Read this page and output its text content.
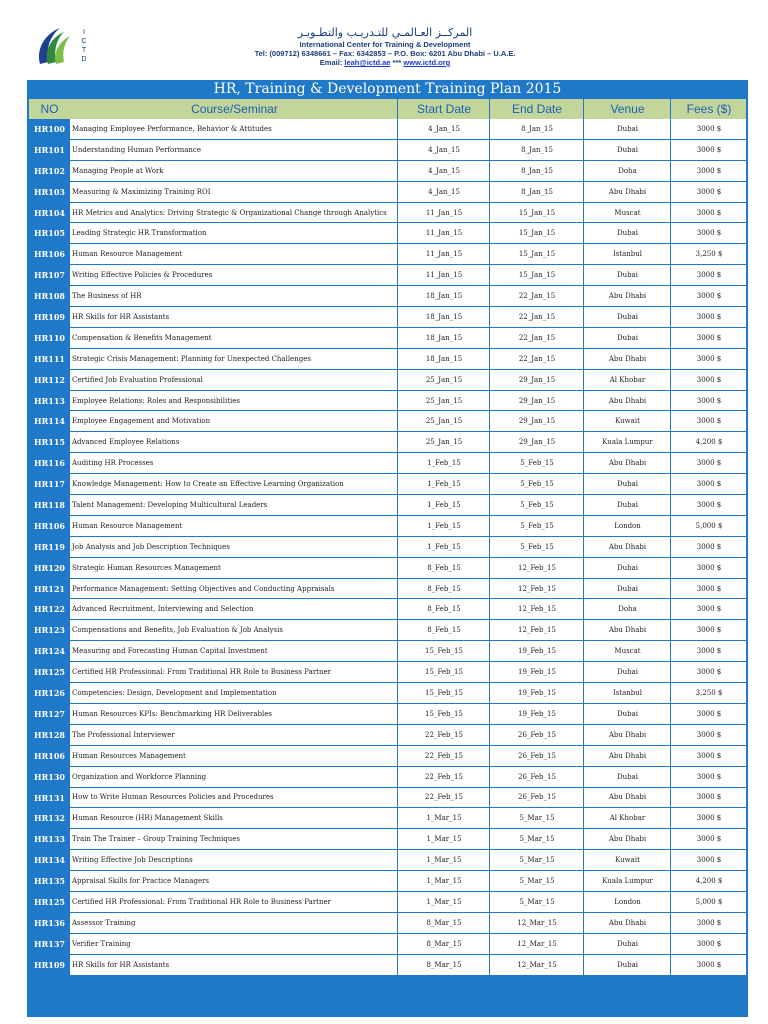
I
C
T
D
المركــز العـالمـي للتـدريـب والتطـويـر
International Center for Training & Development
Tel: (009712) 6348661 – Fax: 6342853 – P.O. Box: 6201 Abu Dhabi – U.A.E.
Email: leah@ictd.ae *** www.ictd.org
HR, Training & Development Training Plan 2015
NO	Course/Seminar	Start Date	End Date	Venue	Fees ($)
HR100	Managing Employee Performance, Behavior & Attitudes	4_Jan_15	8_Jan_15	Dubai	3000 $
HR101	Understanding Human Performance	4_Jan_15	8_Jan_15	Dubai	3000 $
HR102	Managing People at Work	4_Jan_15	8_Jan_15	Doha	3000 $
HR103	Measuring & Maximizing Training ROI	4_Jan_15	8_Jan_15	Abu Dhabi	3000 $
HR104	HR Metrics and Analytics: Driving Strategic & Organizational Change through Analytics	11_Jan_15	15_Jan_15	Muscat	3000 $
HR105	Leading Strategic HR Transformation	11_Jan_15	15_Jan_15	Dubai	3000 $
HR106	Human Resource Management	11_Jan_15	15_Jan_15	Istanbul	3,250 $
HR107	Writing Effective Policies & Procedures	11_Jan_15	15_Jan_15	Dubai	3000 $
HR108	The Business of HR	18_Jan_15	22_Jan_15	Abu Dhabi	3000 $
HR109	HR Skills for HR Assistants	18_Jan_15	22_Jan_15	Dubai	3000 $
HR110	Compensation & Benefits Management	18_Jan_15	22_Jan_15	Dubai	3000 $
HR111	Strategic Crisis Management: Planning for Unexpected Challenges	18_Jan_15	22_Jan_15	Abu Dhabi	3000 $
HR112	Certified Job Evaluation Professional	25_Jan_15	29_Jan_15	Al Khobar	3000 $
HR113	Employee Relations: Roles and Responsibilities	25_Jan_15	29_Jan_15	Abu Dhabi	3000 $
HR114	Employee Engagement and Motivation	25_Jan_15	29_Jan_15	Kuwait	3000 $
HR115	Advanced Employee Relations	25_Jan_15	29_Jan_15	Kuala Lumpur	4,200 $
HR116	Auditing HR Processes	1_Feb_15	5_Feb_15	Abu Dhabi	3000 $
HR117	Knowledge Management: How to Create an Effective Learning Organization	1_Feb_15	5_Feb_15	Dubai	3000 $
HR118	Talent Management: Developing Multicultural Leaders	1_Feb_15	5_Feb_15	Dubai	3000 $
HR106	Human Resource Management	1_Feb_15	5_Feb_15	London	5,000 $
HR119	Job Analysis and Job Description Techniques	1_Feb_15	5_Feb_15	Abu Dhabi	3000 $
HR120	Strategic Human Resources Management	8_Feb_15	12_Feb_15	Dubai	3000 $
HR121	Performance Management: Setting Objectives and Conducting Appraisals	8_Feb_15	12_Feb_15	Dubai	3000 $
HR122	Advanced Recruitment, Interviewing and Selection	8_Feb_15	12_Feb_15	Doha	3000 $
HR123	Compensations and Benefits, Job Evaluation & Job Analysis	8_Feb_15	12_Feb_15	Abu Dhabi	3000 $
HR124	Measuring and Forecasting Human Capital Investment	15_Feb_15	19_Feb_15	Muscat	3000 $
HR125	Certified HR Professional: From Traditional HR Role to Business Partner	15_Feb_15	19_Feb_15	Dubai	3000 $
HR126	Competencies: Design, Development and Implementation	15_Feb_15	19_Feb_15	Istanbul	3,250 $
HR127	Human Resources KPIs: Benchmarking HR Deliverables	15_Feb_15	19_Feb_15	Dubai	3000 $
HR128	The Professional Interviewer	22_Feb_15	26_Feb_15	Abu Dhabi	3000 $
HR106	Human Resources Management	22_Feb_15	26_Feb_15	Abu Dhabi	3000 $
HR130	Organization and Workforce Planning	22_Feb_15	26_Feb_15	Dubai	3000 $
HR131	How to Write Human Resources Policies and Procedures	22_Feb_15	26_Feb_15	Abu Dhabi	3000 $
HR132	Human Resource (HR) Management Skills	1_Mar_15	5_Mar_15	Al Khobar	3000 $
HR133	Train The Trainer – Group Training Techniques	1_Mar_15	5_Mar_15	Abu Dhabi	3000 $
HR134	Writing Effective Job Descriptions	1_Mar_15	5_Mar_15	Kuwait	3000 $
HR135	Appraisal Skills for Practice Managers	1_Mar_15	5_Mar_15	Kuala Lumpur	4,200 $
HR125	Certified HR Professional: From Traditional HR Role to Business Partner	1_Mar_15	5_Mar_15	London	5,000 $
HR136	Assessor Training	8_Mar_15	12_Mar_15	Abu Dhabi	3000 $
HR137	Verifier Training	8_Mar_15	12_Mar_15	Dubai	3000 $
HR109	HR Skills for HR Assistants	8_Mar_15	12_Mar_15	Dubai	3000 $
